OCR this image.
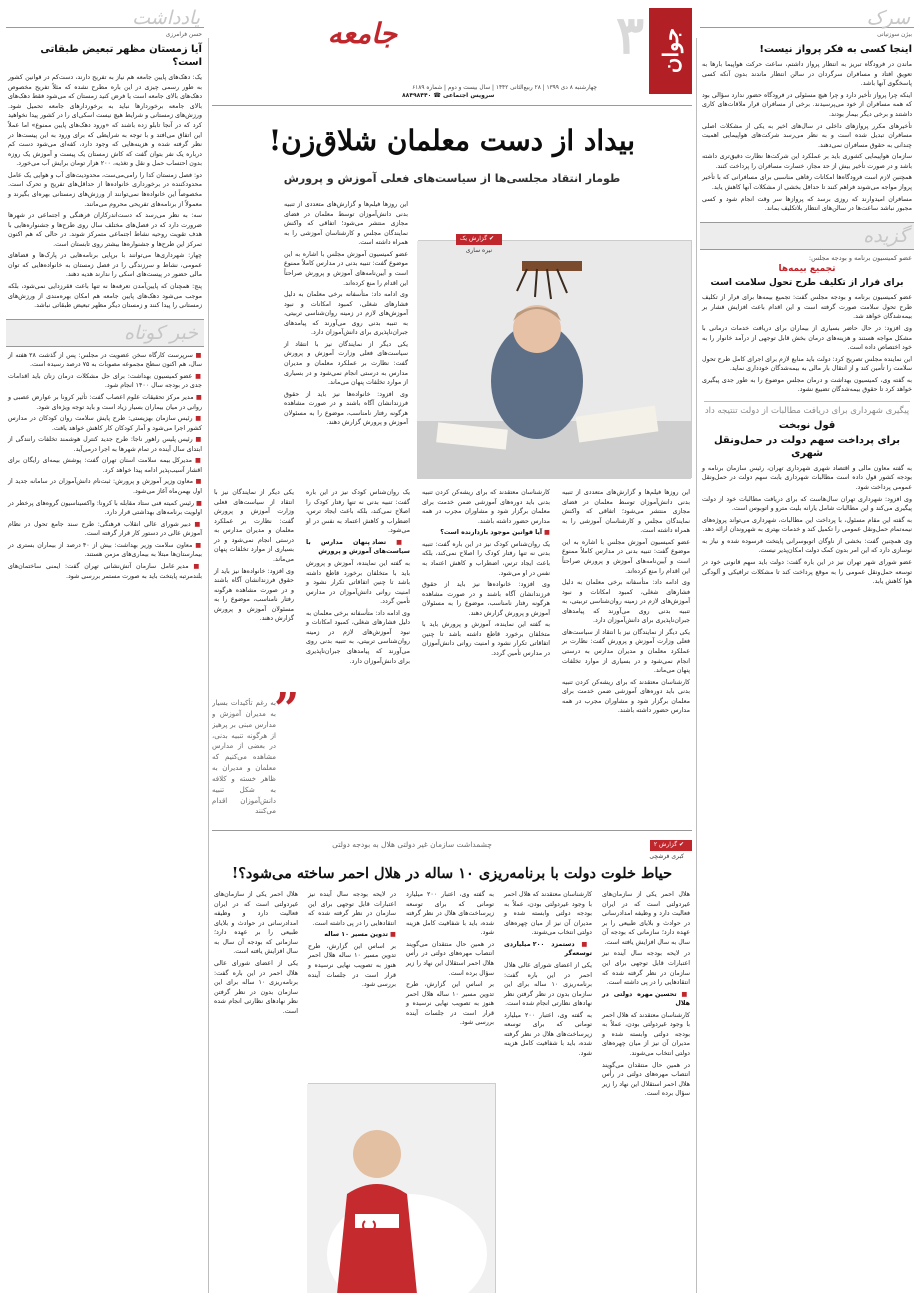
یادداشت
حسن فرامرزی
آیا زمستان مظهر تبعیض طبقاتی است؟

یک: دهک‌های پایین جامعه هم نیاز به تفریح دارند، دست‌کم در قوانین کشور به طور رسمی چیزی در این باره مطرح نشده که مثلاً تفریح مخصوص دهک‌های بالای جامعه است یا فرض کنید زمستان که می‌شود فقط دهک‌های بالای جامعه برخوردارها نباید به برخوردارهای جامعه تحمیل شود. ورزش‌های زمستانی و شرایط هیچ نیست اسکی‌ای را در کشور پیدا نخواهید کرد که در آنجا تابلو زده باشند که «ورود دهک‌های پایین ممنوع» اما عملاً این اتفاق می‌افتد و با توجه به شرایطی که برای ورود به این پیست‌ها در نظر گرفته شده و هزینه‌هایی که وجود دارد، کفه‌ای می‌شود دست کم درباره یک نفر بتوان گفت که کاش زمستان یک پیست و آموزش یک روزه بدون احتساب حمل و نقل و تغذیه، ۲۰۰ هزار تومان برایش آب می‌خورد.

دو: فصل زمستان کدا را رامی‌می‌ست، محدودیت‌های آب و هوایی یک عامل محدودکننده در برخورداری خانواده‌ها از حداقل‌های تفریح و تحرک است. مخصوصاً این خانواده‌ها نمی‌توانند از ورزش‌های زمستانی بهره‌ای بگیرند و معمولاً از برنامه‌های تفریحی محروم می‌مانند.

سه: به نظر می‌رسد که دست‌اندرکاران فرهنگی و اجتماعی در شهرها ضرورت دارد که در فصل‌های مختلف سال روی طرح‌ها و جشنواره‌هایی با هدف تقویت روحیه نشاط اجتماعی متمرکز شوند. در حالی که هم اکنون تمرکز این طرح‌ها و جشنواره‌ها بیشتر روی تابستان است.

چهار: شهرداری‌ها می‌توانند با برپایی برنامه‌هایی در پارک‌ها و فضاهای عمومی، نشاط و سرزندگی را در فصل زمستان به خانواده‌هایی که توان مالی حضور در پیست‌های اسکی را ندارند هدیه دهند.

پنج: همچنان که پایین‌آمدن تعرفه‌ها نه تنها باعث فقرزدایی نمی‌شود، بلکه موجب می‌شود دهک‌های پایین جامعه هم امکان بهره‌مندی از ورزش‌های زمستانی را پیدا کنند و زمستان دیگر مظهر تبعیض طبقاتی نباشد.

خبر کوتاه

■ سرپرست کارگاه سخن عضویت در مجلس: پس از گذشت ۲۸ هفته از سال، هم اکنون سطح مجموعه مصوبات به ۷۵ درصد رسیده است.

■ عضو کمیسیون بهداشت: برای حل مشکلات درمان زنان باید اقدامات جدی در بودجه سال ۱۴۰۰ انجام شود.

■ مدیر مرکز تحقیقات علوم اعصاب گفت: تأثیر کرونا بر عوارض عصبی و روانی در میان بیماران بسیار زیاد است و باید توجه ویژه‌ای شود.

■ رئیس سازمان بهزیستی: طرح پایش سلامت روان کودکان در مدارس کشور اجرا می‌شود و آمار کودکان کار کاهش خواهد یافت.

■ رئیس پلیس راهور ناجا: طرح جدید کنترل هوشمند تخلفات رانندگی از ابتدای سال آینده در تمام شهرها به اجرا درمی‌آید.

■ مدیرکل بیمه سلامت استان تهران گفت: پوشش بیمه‌ای رایگان برای اقشار آسیب‌پذیر ادامه پیدا خواهد کرد.

■ معاون وزیر آموزش و پرورش: ثبت‌نام دانش‌آموزان در سامانه جدید از اول بهمن‌ماه آغاز می‌شود.

■ رئیس کمیته فنی ستاد مقابله با کرونا: واکسیناسیون گروه‌های پرخطر در اولویت برنامه‌های بهداشتی قرار دارد.

■ دبیر شورای عالی انقلاب فرهنگی: طرح سند جامع تحول در نظام آموزش عالی در دستور کار قرار گرفته است.

■ معاون سلامت وزیر بهداشت: بیش از ۴۰ درصد از بیماران بستری در بیمارستان‌ها مبتلا به بیماری‌های مزمن هستند.

■ مدیر عامل سازمان آتش‌نشانی تهران گفت: ایمنی ساختمان‌های بلندمرتبه پایتخت باید به صورت مستمر بررسی شود.

جوان
۳
جامعه
چهارشنبه ۸ دی ۱۳۹۹ | ۲۸ ربیع‌الثانی ۱۴۴۲ | سال بیست و دوم | شماره ۶۱۸۹
سرویس اجتماعی ☎ ۸۸۴۹۸۴۴۰
بیداد از دست معلمان شلاق‌زن!
طومار انتقاد مجلسی‌ها از سیاست‌های فعلی آموزش و پرورش
✔ گزارش یک
نیره ساری

این روزها فیلم‌ها و گزارش‌های متعددی از تنبیه بدنی دانش‌آموزان توسط معلمان در فضای مجازی منتشر می‌شود؛ اتفاقی که واکنش نمایندگان مجلس و کارشناسان آموزشی را به همراه داشته است.

عضو کمیسیون آموزش مجلس با اشاره به این موضوع گفت: تنبیه بدنی در مدارس کاملاً ممنوع است و آیین‌نامه‌های آموزش و پرورش صراحتاً این اقدام را منع کرده‌اند.

وی ادامه داد: متأسفانه برخی معلمان به دلیل فشارهای شغلی، کمبود امکانات و نبود آموزش‌های لازم در زمینه روان‌شناسی تربیتی، به تنبیه بدنی روی می‌آورند که پیامدهای جبران‌ناپذیری برای دانش‌آموزان دارد.

یکی دیگر از نمایندگان نیز با انتقاد از سیاست‌های فعلی وزارت آموزش و پرورش گفت: نظارت بر عملکرد معلمان و مدیران مدارس به درستی انجام نمی‌شود و در بسیاری از موارد تخلفات پنهان می‌ماند.

وی افزود: خانواده‌ها نیز باید از حقوق فرزندانشان آگاه باشند و در صورت مشاهده هرگونه رفتار نامناسب، موضوع را به مسئولان آموزش و پرورش گزارش دهند.

این روزها فیلم‌ها و گزارش‌های متعددی از تنبیه بدنی دانش‌آموزان توسط معلمان در فضای مجازی منتشر می‌شود؛ اتفاقی که واکنش نمایندگان مجلس و کارشناسان آموزشی را به همراه داشته است.

عضو کمیسیون آموزش مجلس با اشاره به این موضوع گفت: تنبیه بدنی در مدارس کاملاً ممنوع است و آیین‌نامه‌های آموزش و پرورش صراحتاً این اقدام را منع کرده‌اند.

وی ادامه داد: متأسفانه برخی معلمان به دلیل فشارهای شغلی، کمبود امکانات و نبود آموزش‌های لازم در زمینه روان‌شناسی تربیتی، به تنبیه بدنی روی می‌آورند که پیامدهای جبران‌ناپذیری برای دانش‌آموزان دارد.

یکی دیگر از نمایندگان نیز با انتقاد از سیاست‌های فعلی وزارت آموزش و پرورش گفت: نظارت بر عملکرد معلمان و مدیران مدارس به درستی انجام نمی‌شود و در بسیاری از موارد تخلفات پنهان می‌ماند.

کارشناسان معتقدند که برای ریشه‌کن کردن تنبیه بدنی باید دوره‌های آموزشی ضمن خدمت برای معلمان برگزار شود و مشاوران مجرب در همه مدارس حضور داشته باشند.

کارشناسان معتقدند که برای ریشه‌کن کردن تنبیه بدنی باید دوره‌های آموزشی ضمن خدمت برای معلمان برگزار شود و مشاوران مجرب در همه مدارس حضور داشته باشند.

■ آیا قوانین موجود بازدارنده است؟

یک روان‌شناس کودک نیز در این باره گفت: تنبیه بدنی نه تنها رفتار کودک را اصلاح نمی‌کند، بلکه باعث ایجاد ترس، اضطراب و کاهش اعتماد به نفس در او می‌شود.

وی افزود: خانواده‌ها نیز باید از حقوق فرزندانشان آگاه باشند و در صورت مشاهده هرگونه رفتار نامناسب، موضوع را به مسئولان آموزش و پرورش گزارش دهند.

به گفته این نماینده، آموزش و پرورش باید با متخلفان برخورد قاطع داشته باشد تا چنین اتفاقاتی تکرار نشود و امنیت روانی دانش‌آموزان در مدارس تأمین گردد.

یک روان‌شناس کودک نیز در این باره گفت: تنبیه بدنی نه تنها رفتار کودک را اصلاح نمی‌کند، بلکه باعث ایجاد ترس، اضطراب و کاهش اعتماد به نفس در او می‌شود.

■ تضاد پنهان مدارس با سیاست‌های آموزش و پرورش

به گفته این نماینده، آموزش و پرورش باید با متخلفان برخورد قاطع داشته باشد تا چنین اتفاقاتی تکرار نشود و امنیت روانی دانش‌آموزان در مدارس تأمین گردد.

وی ادامه داد: متأسفانه برخی معلمان به دلیل فشارهای شغلی، کمبود امکانات و نبود آموزش‌های لازم در زمینه روان‌شناسی تربیتی، به تنبیه بدنی روی می‌آورند که پیامدهای جبران‌ناپذیری برای دانش‌آموزان دارد.

یکی دیگر از نمایندگان نیز با انتقاد از سیاست‌های فعلی وزارت آموزش و پرورش گفت: نظارت بر عملکرد معلمان و مدیران مدارس به درستی انجام نمی‌شود و در بسیاری از موارد تخلفات پنهان می‌ماند.

وی افزود: خانواده‌ها نیز باید از حقوق فرزندانشان آگاه باشند و در صورت مشاهده هرگونه رفتار نامناسب، موضوع را به مسئولان آموزش و پرورش گزارش دهند.

”
به رغم تأکیدات بسیار به مدیران آموزش و مدارس مبنی بر پرهیز از هرگونه تنبیه بدنی، در بعضی از مدارس مشاهده می‌کنیم که معلمان و مدیران به ظاهر خسته و کلافه به شکل تنبیه دانش‌آموزان اقدام می‌کنند
چشمداشت سازمان غیر دولتی هلال به بودجه دولتی	✔ گزارش ۲
کبری فرشچی
حیاط خلوت دولت با برنامه‌ریزی ۱۰ ساله در هلال احمر ساخته می‌شود؟!

هلال احمر یکی از سازمان‌های غیردولتی است که در ایران فعالیت دارد و وظیفه امدادرسانی در حوادث و بلایای طبیعی را بر عهده دارد؛ سازمانی که بودجه آن سال به سال افزایش یافته است.

در لایحه بودجه سال آینده نیز اعتبارات قابل توجهی برای این سازمان در نظر گرفته شده که انتقادهایی را در پی داشته است.

■ تحسین مهره دولتی در هلال

کارشناسان معتقدند که هلال احمر با وجود غیردولتی بودن، عملاً به بودجه دولتی وابسته شده و مدیران آن نیز از میان چهره‌های دولتی انتخاب می‌شوند.

در همین حال منتقدان می‌گویند انتصاب مهره‌های دولتی در رأس هلال احمر استقلال این نهاد را زیر سؤال برده است.

کارشناسان معتقدند که هلال احمر با وجود غیردولتی بودن، عملاً به بودجه دولتی وابسته شده و مدیران آن نیز از میان چهره‌های دولتی انتخاب می‌شوند.

■ دستمزد ۲۰۰ میلیاردی توسعه‌گر

یکی از اعضای شورای عالی هلال احمر در این باره گفت: برنامه‌ریزی ۱۰ ساله برای این سازمان بدون در نظر گرفتن نظر نهادهای نظارتی انجام شده است.

به گفته وی، اعتبار ۲۰۰ میلیارد تومانی که برای توسعه زیرساخت‌های هلال در نظر گرفته شده، باید با شفافیت کامل هزینه شود.

به گفته وی، اعتبار ۲۰۰ میلیارد تومانی که برای توسعه زیرساخت‌های هلال در نظر گرفته شده، باید با شفافیت کامل هزینه شود.

در همین حال منتقدان می‌گویند انتصاب مهره‌های دولتی در رأس هلال احمر استقلال این نهاد را زیر سؤال برده است.

بر اساس این گزارش، طرح تدوین مسیر ۱۰ ساله هلال احمر هنوز به تصویب نهایی نرسیده و قرار است در جلسات آینده بررسی شود.

در لایحه بودجه سال آینده نیز اعتبارات قابل توجهی برای این سازمان در نظر گرفته شده که انتقادهایی را در پی داشته است.

■ تدوین مسیر ۱۰ ساله

بر اساس این گزارش، طرح تدوین مسیر ۱۰ ساله هلال احمر هنوز به تصویب نهایی نرسیده و قرار است در جلسات آینده بررسی شود.

هلال احمر یکی از سازمان‌های غیردولتی است که در ایران فعالیت دارد و وظیفه امدادرسانی در حوادث و بلایای طبیعی را بر عهده دارد؛ سازمانی که بودجه آن سال به سال افزایش یافته است.

یکی از اعضای شورای عالی هلال احمر در این باره گفت: برنامه‌ریزی ۱۰ ساله برای این سازمان بدون در نظر گرفتن نظر نهادهای نظارتی انجام شده است.

سرک
بیژن سوزنیانی
اینجا کسی به فکر پرواز نیست!

ماندن در فرودگاه تبریز به انتظار پرواز داشتم، ساعت حرکت هواپیما بارها به تعویق افتاد و مسافران سرگردان در سالن انتظار ماندند بدون آنکه کسی پاسخگوی آنها باشد.

اینکه چرا پرواز تأخیر دارد و چرا هیچ مسئولی در فرودگاه حضور ندارد سؤالی بود که همه مسافران از خود می‌پرسیدند. برخی از مسافران قرار ملاقات‌های کاری داشتند و برخی دیگر بیمار بودند.

تأخیرهای مکرر پروازهای داخلی در سال‌های اخیر به یکی از مشکلات اصلی مسافران تبدیل شده است و به نظر می‌رسد شرکت‌های هواپیمایی اهمیت چندانی به حقوق مسافران نمی‌دهند.

سازمان هواپیمایی کشوری باید بر عملکرد این شرکت‌ها نظارت دقیق‌تری داشته باشد و در صورت تأخیر بیش از حد مجاز، خسارت مسافران را پرداخت کنند.

همچنین لازم است فرودگاه‌ها امکانات رفاهی مناسبی برای مسافرانی که با تأخیر پرواز مواجه می‌شوند فراهم کنند تا حداقل بخشی از مشکلات آنها کاهش یابد.

مسافران امیدوارند که روزی برسد که پروازها سر وقت انجام شود و کسی مجبور نباشد ساعت‌ها در سالن‌های انتظار بلاتکلیف بماند.

گزیده
عضو کمیسیون برنامه و بودجه مجلس:
تجمیع بیمه‌ها
برای فرار از تکلیف طرح تحول سلامت است

عضو کمیسیون برنامه و بودجه مجلس گفت: تجمیع بیمه‌ها برای فرار از تکلیف طرح تحول سلامت صورت گرفته است و این اقدام باعث افزایش فشار بر بیمه‌شدگان خواهد شد.

وی افزود: در حال حاضر بسیاری از بیماران برای دریافت خدمات درمانی با مشکل مواجه هستند و هزینه‌های درمان بخش قابل توجهی از درآمد خانوار را به خود اختصاص داده است.

این نماینده مجلس تصریح کرد: دولت باید منابع لازم برای اجرای کامل طرح تحول سلامت را تأمین کند و از انتقال بار مالی به بیمه‌شدگان خودداری نماید.

به گفته وی، کمیسیون بهداشت و درمان مجلس موضوع را به طور جدی پیگیری خواهد کرد تا حقوق بیمه‌شدگان تضییع نشود.

پیگیری شهرداری برای دریافت مطالبات از دولت تنتیجه داد
قول نوبخت
برای پرداخت سهم دولت در حمل‌ونقل شهری

به گفته معاون مالی و اقتصاد شهری شهرداری تهران، رئیس سازمان برنامه و بودجه کشور قول داده است مطالبات شهرداری بابت سهم دولت در حمل‌ونقل عمومی پرداخت شود.

وی افزود: شهرداری تهران سال‌هاست که برای دریافت مطالبات خود از دولت پیگیری می‌کند و این مطالبات شامل یارانه بلیت مترو و اتوبوس است.

به گفته این مقام مسئول، با پرداخت این مطالبات، شهرداری می‌تواند پروژه‌های نیمه‌تمام حمل‌ونقل عمومی را تکمیل کند و خدمات بهتری به شهروندان ارائه دهد.

وی همچنین گفت: بخشی از ناوگان اتوبوسرانی پایتخت فرسوده شده و نیاز به نوسازی دارد که این امر بدون کمک دولت امکان‌پذیر نیست.

عضو شورای شهر تهران نیز در این باره گفت: دولت باید سهم قانونی خود در توسعه حمل‌ونقل عمومی را به موقع پرداخت کند تا مشکلات ترافیکی و آلودگی هوا کاهش یابد.
